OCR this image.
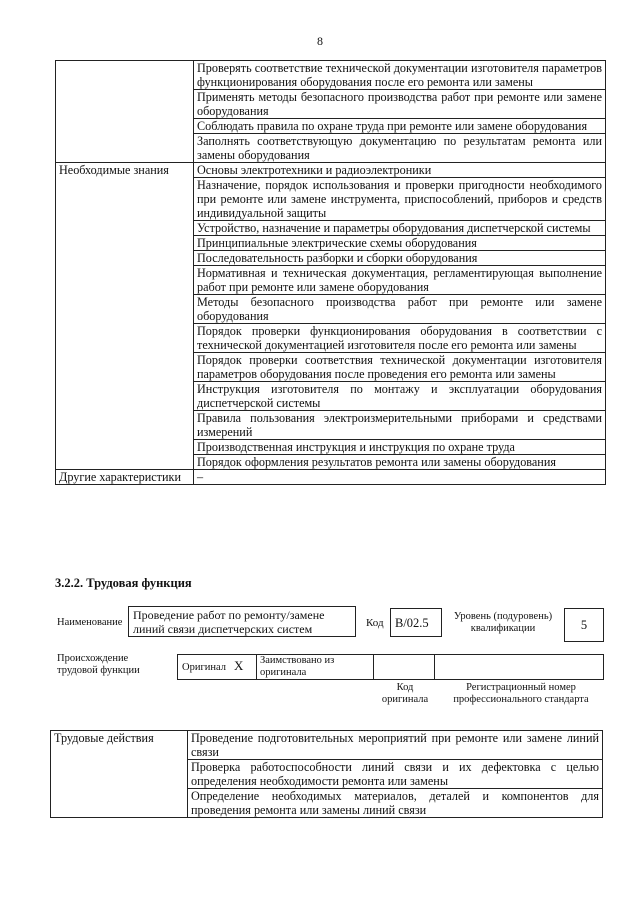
8
	Проверять соответствие технической документации изготовителя параметров функционирования оборудования после его ремонта или замены
	Применять методы безопасного производства работ при ремонте или замене оборудования
	Соблюдать правила по охране труда при ремонте или замене оборудования
	Заполнять соответствующую документацию по результатам ремонта или замены оборудования
Необходимые знания	Основы электротехники и радиоэлектроники
	Назначение, порядок использования и проверки пригодности необходимого при ремонте или замене инструмента, приспособлений, приборов и средств индивидуальной защиты
	Устройство, назначение и параметры оборудования диспетчерской системы
	Принципиальные электрические схемы оборудования
	Последовательность разборки и сборки оборудования
	Нормативная и техническая документация, регламентирующая выполнение работ при ремонте или замене оборудования
	Методы безопасного производства работ при ремонте или замене оборудования
	Порядок проверки функционирования оборудования в соответствии с технической документацией изготовителя после его ремонта или замены
	Порядок проверки соответствия технической документации изготовителя параметров оборудования после проведения его ремонта или замены
	Инструкция изготовителя по монтажу и эксплуатации оборудования диспетчерской системы
	Правила пользования электроизмерительными приборами и средствами измерений
	Производственная инструкция и инструкция по охране труда
	Порядок оформления результатов ремонта или замены оборудования
Другие характеристики	–
3.2.2. Трудовая функция
Наименование
Проведение работ по ремонту/замене линий связи диспетчерских систем	Код B/02.5	Уровень (подуровень) квалификации	5
Происхождение трудовой функции	Оригинал X	Заимствовано из оригинала
Код оригинала
Регистрационный номер профессионального стандарта
Трудовые действия	Проведение подготовительных мероприятий при ремонте или замене линий связи
Проверка работоспособности линий связи и их дефектовка с целью определения необходимости ремонта или замены
Определение необходимых материалов, деталей и компонентов для проведения ремонта или замены линий связи
